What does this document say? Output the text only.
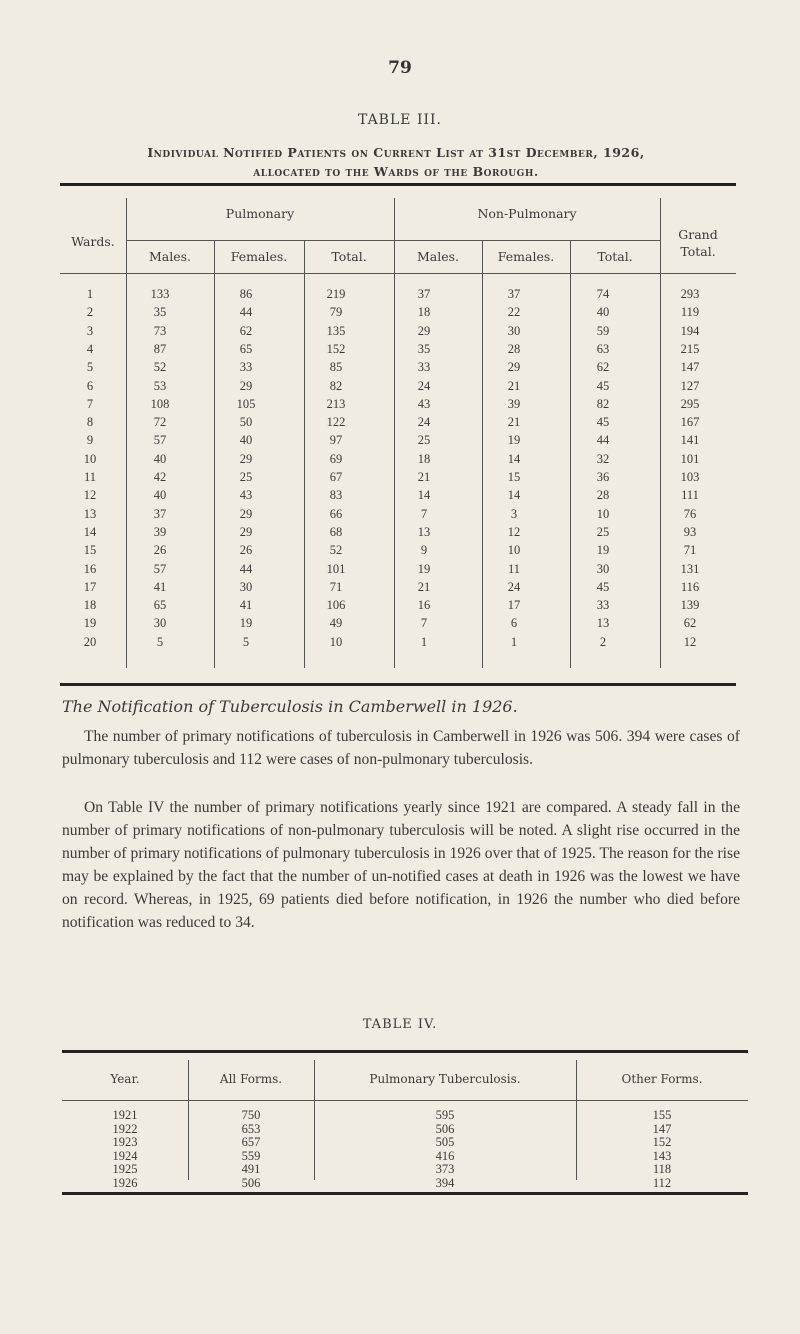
79
TABLE III.
Individual Notified Patients on Current List at 31st December, 1926,
allocated to the Wards of the Borough.
Wards.
Pulmonary	Non-Pulmonary
Grand
Total.
Males.	Females.	Total.	Males.	Females.	Total.
1	133	86	219	37	37	74	293
2	35	44	79	18	22	40	119
3	73	62	135	29	30	59	194
4	87	65	152	35	28	63	215
5	52	33	85	33	29	62	147
6	53	29	82	24	21	45	127
7	108	105	213	43	39	82	295
8	72	50	122	24	21	45	167
9	57	40	97	25	19	44	141
10	40	29	69	18	14	32	101
11	42	25	67	21	15	36	103
12	40	43	83	14	14	28	111
13	37	29	66	7	3	10	76
14	39	29	68	13	12	25	93
15	26	26	52	9	10	19	71
16	57	44	101	19	11	30	131
17	41	30	71	21	24	45	116
18	65	41	106	16	17	33	139
19	30	19	49	7	6	13	62
20	5	5	10	1	1	2	12
The Notification of Tuberculosis in Camberwell in 1926.
The number of primary notifications of tuberculosis in Camberwell in 1926 was 506. 394 were cases of pulmonary tuberculosis and 112 were cases of non-pulmonary tuberculosis.
On Table IV the number of primary notifications yearly since 1921 are compared. A steady fall in the number of primary notifications of non-pulmonary tuberculosis will be noted. A slight rise occurred in the number of primary notifications of pulmonary tuberculosis in 1926 over that of 1925. The reason for the rise may be explained by the fact that the number of un-notified cases at death in 1926 was the lowest we have on record. Whereas, in 1925, 69 patients died before notification, in 1926 the number who died before notification was reduced to 34.
TABLE IV.
Year.	All Forms.	Pulmonary Tuberculosis.	Other Forms.
1921	750	595	155
1922	653	506	147
1923	657	505	152
1924	559	416	143
1925	491	373	118
1926	506	394	112
